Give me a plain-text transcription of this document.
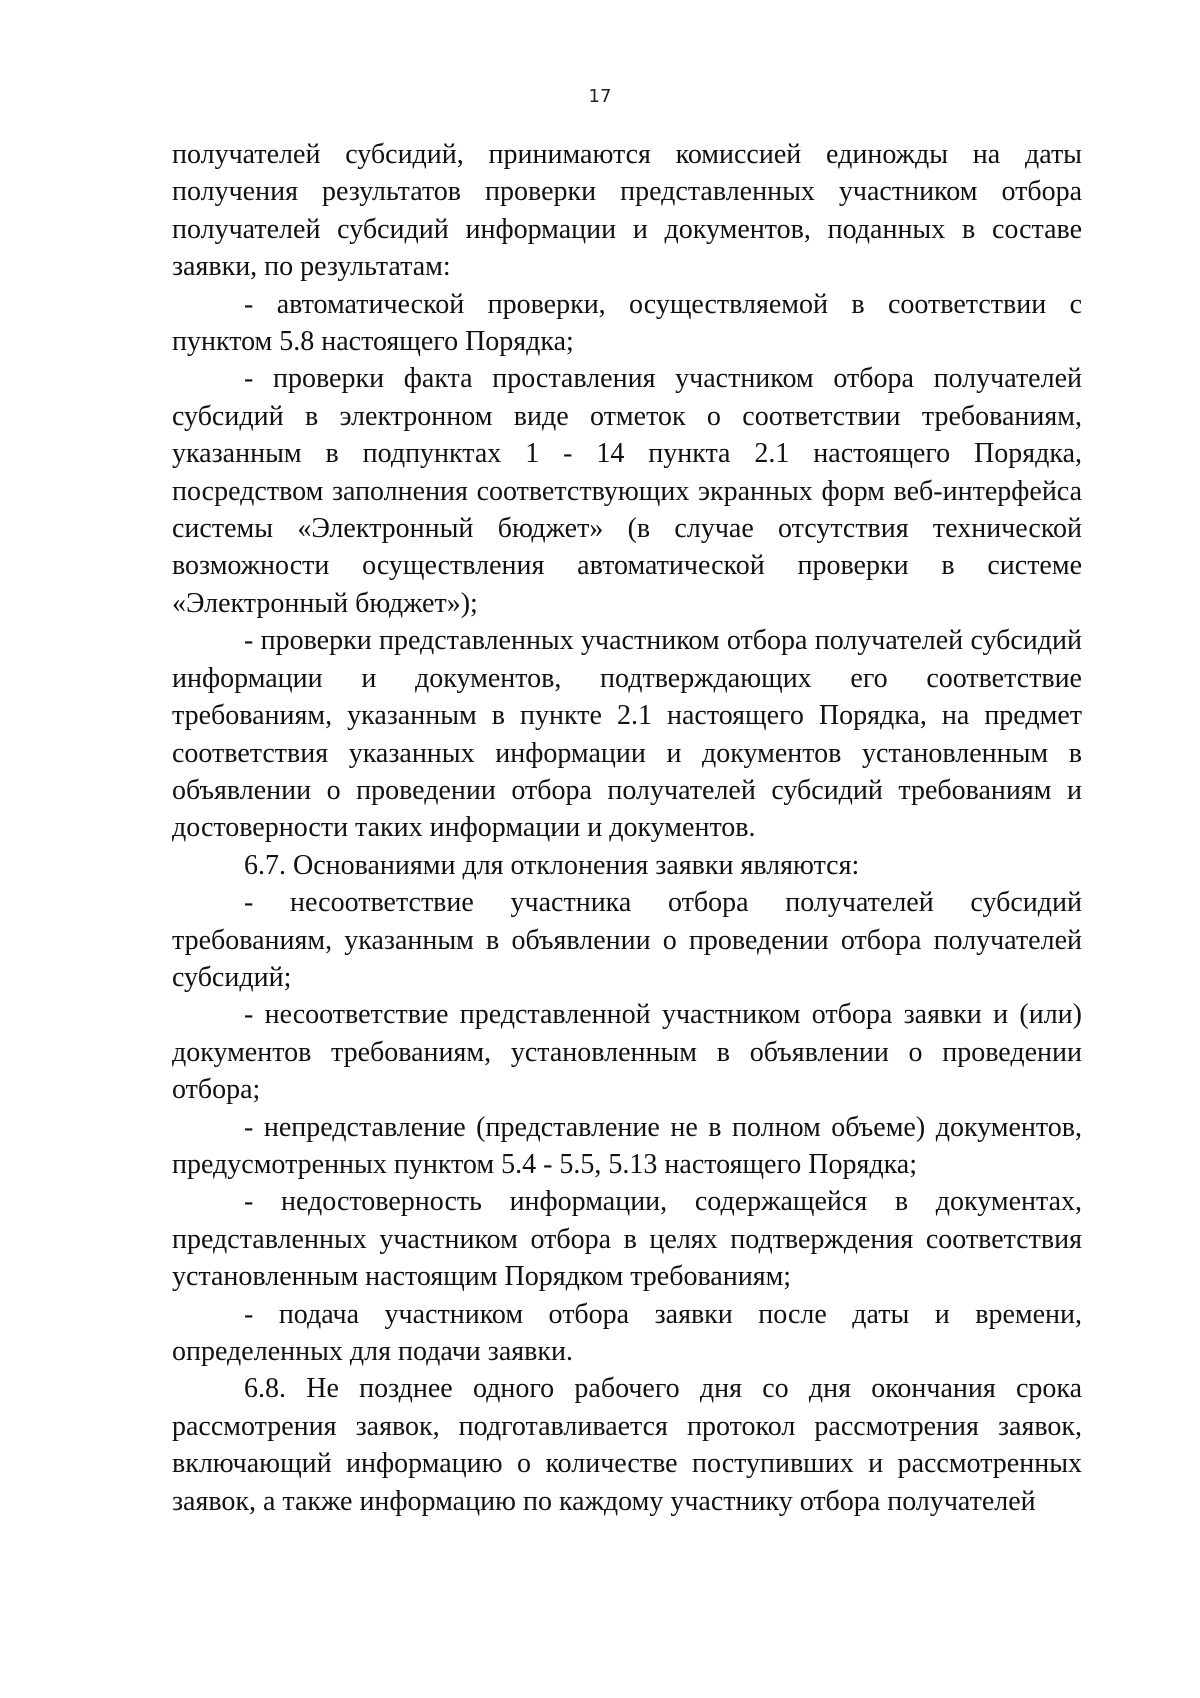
17

получателей субсидий, принимаются комиссией единожды на даты получения результатов проверки представленных участником отбора получателей субсидий информации и документов, поданных в составе заявки, по результатам:

- автоматической проверки, осуществляемой в соответствии с пунктом 5.8 настоящего Порядка;

- проверки факта проставления участником отбора получателей субсидий в электронном виде отметок о соответствии требованиям, указанным в подпунктах 1 - 14 пункта 2.1 настоящего Порядка, посредством заполнения соответствующих экранных форм веб-интерфейса системы «Электронный бюджет» (в случае отсутствия технической возможности осуществления автоматической проверки в системе «Электронный бюджет»);

- проверки представленных участником отбора получателей субсидий информации и документов, подтверждающих его соответствие требованиям, указанным в пункте 2.1 настоящего Порядка, на предмет соответствия указанных информации и документов установленным в объявлении о проведении отбора получателей субсидий требованиям и достоверности таких информации и документов.

6.7. Основаниями для отклонения заявки являются:

- несоответствие участника отбора получателей субсидий требованиям, указанным в объявлении о проведении отбора получателей субсидий;

- несоответствие представленной участником отбора заявки и (или) документов требованиям, установленным в объявлении о проведении отбора;

- непредставление (представление не в полном объеме) документов, предусмотренных пунктом 5.4 - 5.5, 5.13 настоящего Порядка;

- недостоверность информации, содержащейся в документах, представленных участником отбора в целях подтверждения соответствия установленным настоящим Порядком требованиям;

- подача участником отбора заявки после даты и времени, определенных для подачи заявки.

6.8. Не позднее одного рабочего дня со дня окончания срока рассмотрения заявок, подготавливается протокол рассмотрения заявок, включающий информацию о количестве поступивших и рассмотренных заявок, а также информацию по каждому участнику отбора получателей
